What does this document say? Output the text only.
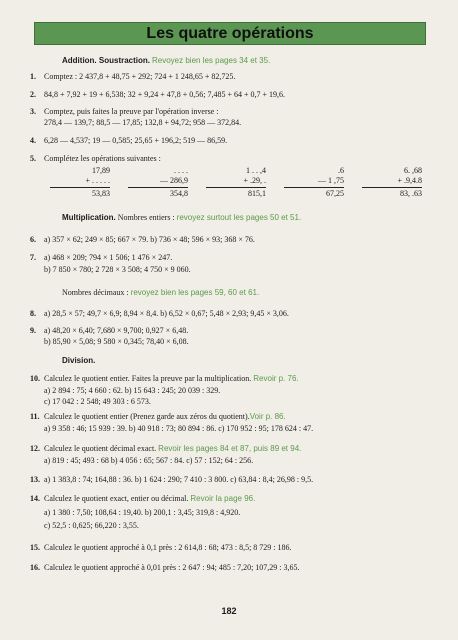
Les quatre opérations
Addition. Soustraction. Revoyez bien les pages 34 et 35.
1. Comptez : 2 437,8 + 48,75 + 292; 724 + 1 248,65 + 82,725.
2. 84,8 + 7,92 + 19 + 6,538; 32 + 9,24 + 47,8 + 0,56; 7,485 + 64 + 0,7 + 19,6.
3. Comptez, puis faites la preuve par l'opération inverse :
278,4 — 139,7; 88,5 — 17,85; 132,8 + 94,72; 958 — 372,84.
4. 6,28 — 4,537; 19 — 0,585; 25,65 + 196,2; 519 — 86,59.
5. Complétez les opérations suivantes :
17,89
+ . . . . .
53,83
. . . .
— 286,9
354,8
1 . . ,4
+ .29, .
815,1
.6
— 1 ,75
67,25
6. ,68
+ .9,4.8
83, .63
Multiplication. Nombres entiers : revoyez surtout les pages 50 et 51.
6. a) 357 × 62; 249 × 85; 667 × 79. b) 736 × 48; 596 × 93; 368 × 76.
7. a) 468 × 209; 794 × 1 506; 1 476 × 247.
b) 7 850 × 780; 2 728 × 3 508; 4 750 × 9 060.
Nombres décimaux : revoyez bien les pages 59, 60 et 61.
8. a) 28,5 × 57; 49,7 × 6,9; 8,94 × 8,4. b) 6,52 × 0,67; 5,48 × 2,93; 9,45 × 3,06.
9. a) 48,20 × 6,40; 7,680 × 9,700; 0,927 × 6,48.
b) 85,90 × 5,08; 9 580 × 0,345; 78,40 × 6,08.
Division.
10. Calculez le quotient entier. Faites la preuve par la multiplication. Revoir p. 76.
a) 2 894 : 75; 4 660 : 62. b) 15 643 : 245; 20 039 : 329.
c) 17 042 : 2 548; 49 303 : 6 573.
11. Calculez le quotient entier (Prenez garde aux zéros du quotient).Voir p. 86.
a) 9 358 : 46; 15 939 : 39. b) 40 918 : 73; 80 894 : 86. c) 170 952 : 95; 178 624 : 47.
12. Calculez le quotient décimal exact. Revoir les pages 84 et 87, puis 89 et 94.
a) 819 : 45; 493 : 68 b) 4 056 : 65; 567 : 84. c) 57 : 152; 64 : 256.
13. a) 1 383,8 : 74; 164,88 : 36. b) 1 624 : 290; 7 410 : 3 800. c) 63,84 : 8,4; 26,98 : 9,5.
14. Calculez le quotient exact, entier ou décimal. Revoir la page 96.
a) 1 380 : 7,50; 108,64 : 19,40. b) 200,1 : 3,45; 319,8 : 4,920.
c) 52,5 : 0,625; 66,220 : 3,55.
15. Calculez le quotient approché à 0,1 près : 2 614,8 : 68; 473 : 8,5; 8 729 : 186.
16. Calculez le quotient approché à 0,01 près : 2 647 : 94; 485 : 7,20; 107,29 : 3,65.
182
